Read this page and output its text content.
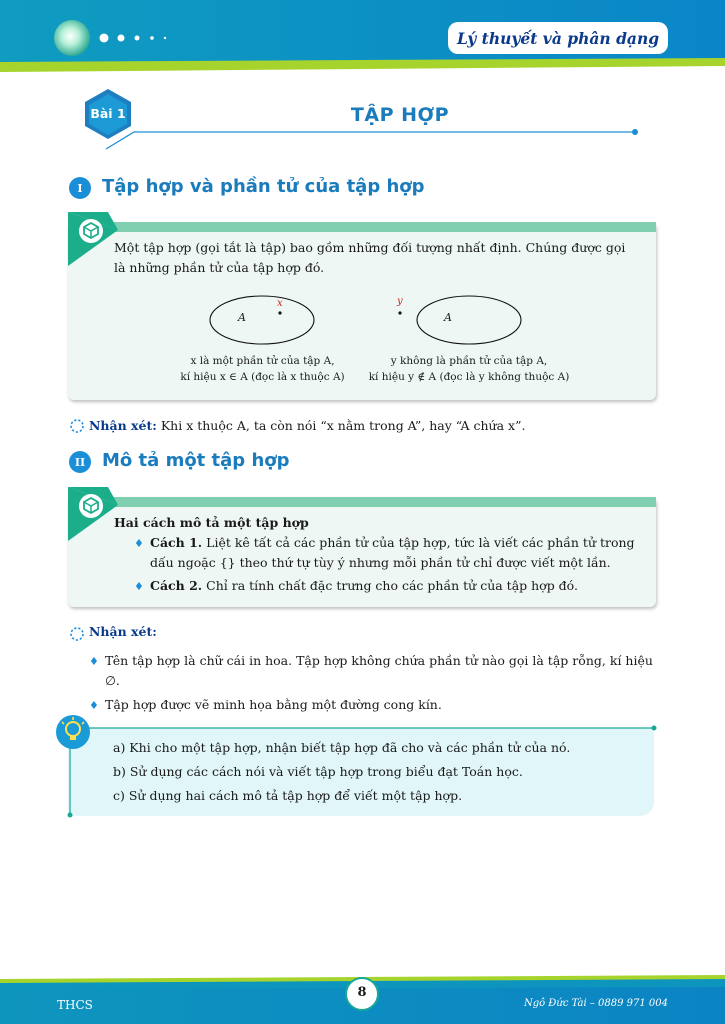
Lý thuyết và phân dạng
Bài 1	TẬP HỢP
I	Tập hợp và phần tử của tập hợp
Một tập hợp (gọi tắt là tập) bao gồm những đối tượng nhất định. Chúng được gọi
là những phần tử của tập hợp đó.
A
x
x là một phần tử của tập A,
kí hiệu x ∈ A (đọc là x thuộc A)
y
A
y không là phần tử của tập A,
kí hiệu y ∉ A (đọc là y không thuộc A)
Nhận xét: Khi x thuộc A, ta còn nói “x nằm trong A”, hay “A chứa x”.
II Mô tả một tập hợp
Hai cách mô tả một tập hợp
♦ Cách 1. Liệt kê tất cả các phần tử của tập hợp, tức là viết các phần tử trong
dấu ngoặc {} theo thứ tự tùy ý nhưng mỗi phần tử chỉ được viết một lần.
♦ Cách 2. Chỉ ra tính chất đặc trưng cho các phần tử của tập hợp đó.
Nhận xét:
♦ Tên tập hợp là chữ cái in hoa. Tập hợp không chứa phần tử nào gọi là tập rỗng, kí hiệu
∅.
♦ Tập hợp được vẽ minh họa bằng một đường cong kín.
a) Khi cho một tập hợp, nhận biết tập hợp đã cho và các phần tử của nó.
b) Sử dụng các cách nói và viết tập hợp trong biểu đạt Toán học.
c) Sử dụng hai cách mô tả tập hợp để viết một tập hợp.
THCS
8
Ngô Đức Tài – 0889 971 004
